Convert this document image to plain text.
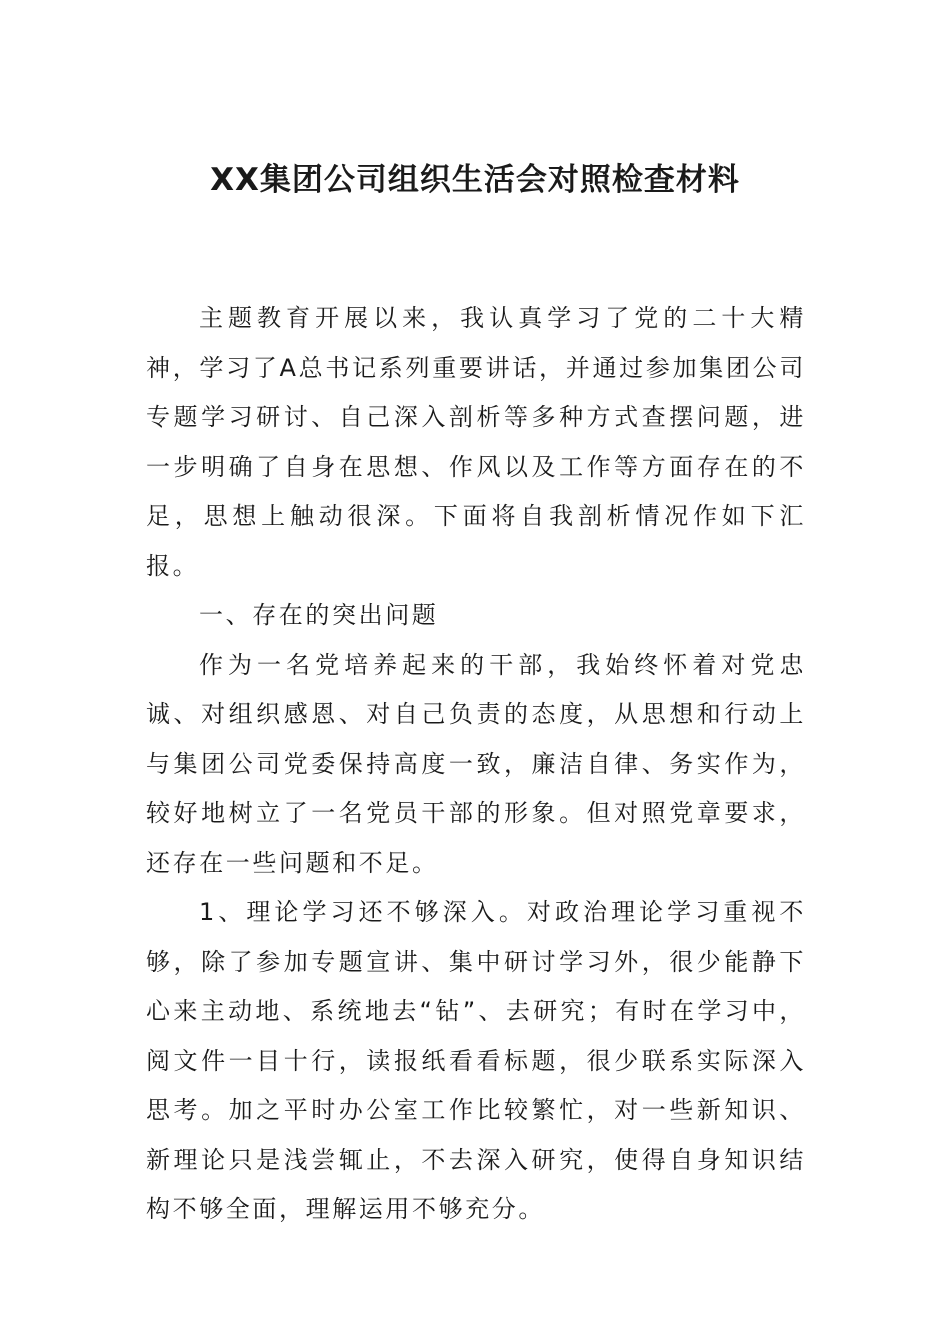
XX集团公司组织生活会对照检查材料

主题教育开展以来，我认真学习了党的二十大精神，学习了A总书记系列重要讲话，并通过参加集团公司专题学习研讨、自己深入剖析等多种方式查摆问题，进一步明确了自身在思想、作风以及工作等方面存在的不足，思想上触动很深。下面将自我剖析情况作如下汇报。

一、存在的突出问题

作为一名党培养起来的干部，我始终怀着对党忠诚、对组织感恩、对自己负责的态度，从思想和行动上与集团公司党委保持高度一致，廉洁自律、务实作为，较好地树立了一名党员干部的形象。但对照党章要求，还存在一些问题和不足。

1、理论学习还不够深入。对政治理论学习重视不够，除了参加专题宣讲、集中研讨学习外，很少能静下心来主动地、系统地去“钻”、去研究；有时在学习中，阅文件一目十行，读报纸看看标题，很少联系实际深入思考。加之平时办公室工作比较繁忙，对一些新知识、新理论只是浅尝辄止，不去深入研究，使得自身知识结构不够全面，理解运用不够充分。
